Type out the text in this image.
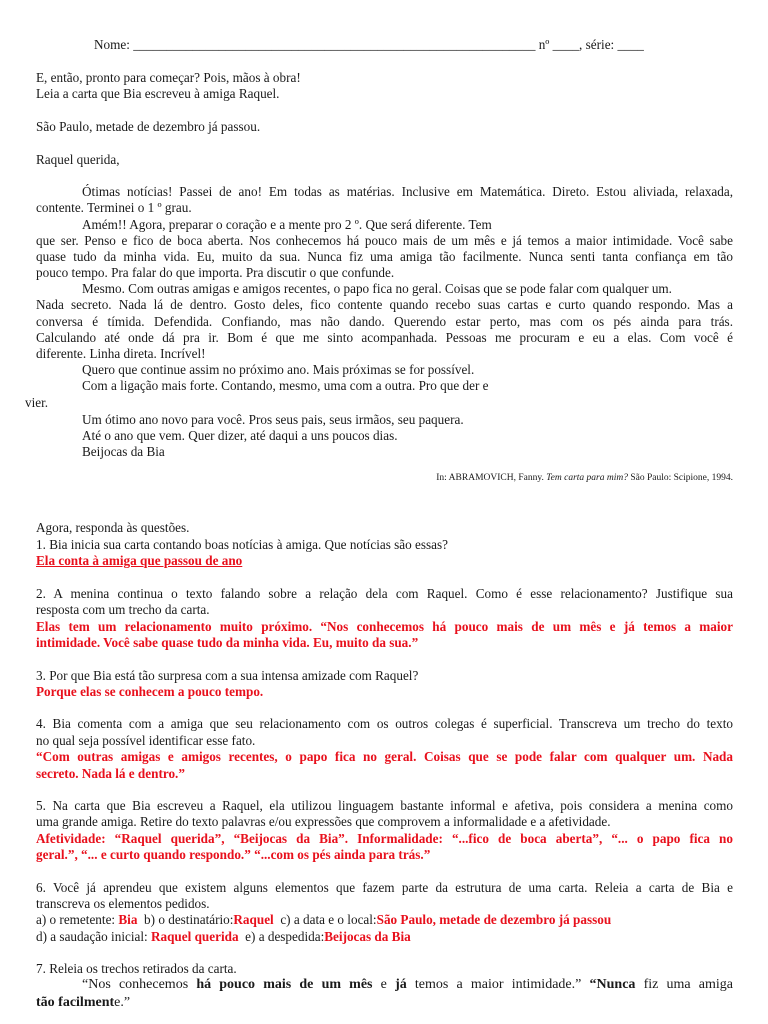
Nome: _____________________________________________________________ nº ____, série: ____
E, então, pronto para começar? Pois, mãos à obra!
Leia a carta que Bia escreveu à amiga Raquel.
São Paulo, metade de dezembro já passou.
Raquel querida,
Ótimas notícias! Passei de ano! Em todas as matérias. Inclusive em Matemática. Direto. Estou aliviada, relaxada,
contente. Terminei o 1 º grau.
Amém!! Agora, preparar o coração e a mente pro 2 º. Que será diferente. Tem
que ser. Penso e fico de boca aberta. Nos conhecemos há pouco mais de um mês e já temos a maior intimidade. Você sabe
quase tudo da minha vida. Eu, muito da sua. Nunca fiz uma amiga tão facilmente. Nunca senti tanta confiança em tão
pouco tempo. Pra falar do que importa. Pra discutir o que confunde.
Mesmo. Com outras amigas e amigos recentes, o papo fica no geral. Coisas que se pode falar com qualquer um.
Nada secreto. Nada lá de dentro. Gosto deles, fico contente quando recebo suas cartas e curto quando respondo. Mas a
conversa é tímida. Defendida. Confiando, mas não dando. Querendo estar perto, mas com os pés ainda para trás.
Calculando até onde dá pra ir. Bom é que me sinto acompanhada. Pessoas me procuram e eu a elas. Com você é
diferente. Linha direta. Incrível!
Quero que continue assim no próximo ano. Mais próximas se for possível.
Com a ligação mais forte. Contando, mesmo, uma com a outra. Pro que der e
vier.
Um ótimo ano novo para você. Pros seus pais, seus irmãos, seu paquera.
Até o ano que vem. Quer dizer, até daqui a uns poucos dias.
Beijocas da Bia
In: ABRAMOVICH, Fanny. Tem carta para mim? São Paulo: Scipione, 1994.
Agora, responda às questões.
1. Bia inicia sua carta contando boas notícias à amiga. Que notícias são essas?
Ela conta à amiga que passou de ano
2. A menina continua o texto falando sobre a relação dela com Raquel. Como é esse relacionamento? Justifique sua
resposta com um trecho da carta.
Elas tem um relacionamento muito próximo. “Nos conhecemos há pouco mais de um mês e já temos a maior
intimidade. Você sabe quase tudo da minha vida. Eu, muito da sua.”
3. Por que Bia está tão surpresa com a sua intensa amizade com Raquel?
Porque elas se conhecem a pouco tempo.
4. Bia comenta com a amiga que seu relacionamento com os outros colegas é superficial. Transcreva um trecho do texto
no qual seja possível identificar esse fato.
“Com outras amigas e amigos recentes, o papo fica no geral. Coisas que se pode falar com qualquer um. Nada
secreto. Nada lá e dentro.”
5. Na carta que Bia escreveu a Raquel, ela utilizou linguagem bastante informal e afetiva, pois considera a menina como
uma grande amiga. Retire do texto palavras e/ou expressões que comprovem a informalidade e a afetividade.
Afetividade: “Raquel querida”, “Beijocas da Bia”. Informalidade: “...fico de boca aberta”, “... o papo fica no
geral.”, “... e curto quando respondo.” “...com os pés ainda para trás.”
6. Você já aprendeu que existem alguns elementos que fazem parte da estrutura de uma carta. Releia a carta de Bia e
transcreva os elementos pedidos.
a) o remetente: Bia b) o destinatário:Raquel c) a data e o local:São Paulo, metade de dezembro já passou
d) a saudação inicial: Raquel querida e) a despedida:Beijocas da Bia
7. Releia os trechos retirados da carta.
“Nos conhecemos há pouco mais de um mês e já temos a maior intimidade.” “Nunca fiz uma amiga
tão facilmente.”
